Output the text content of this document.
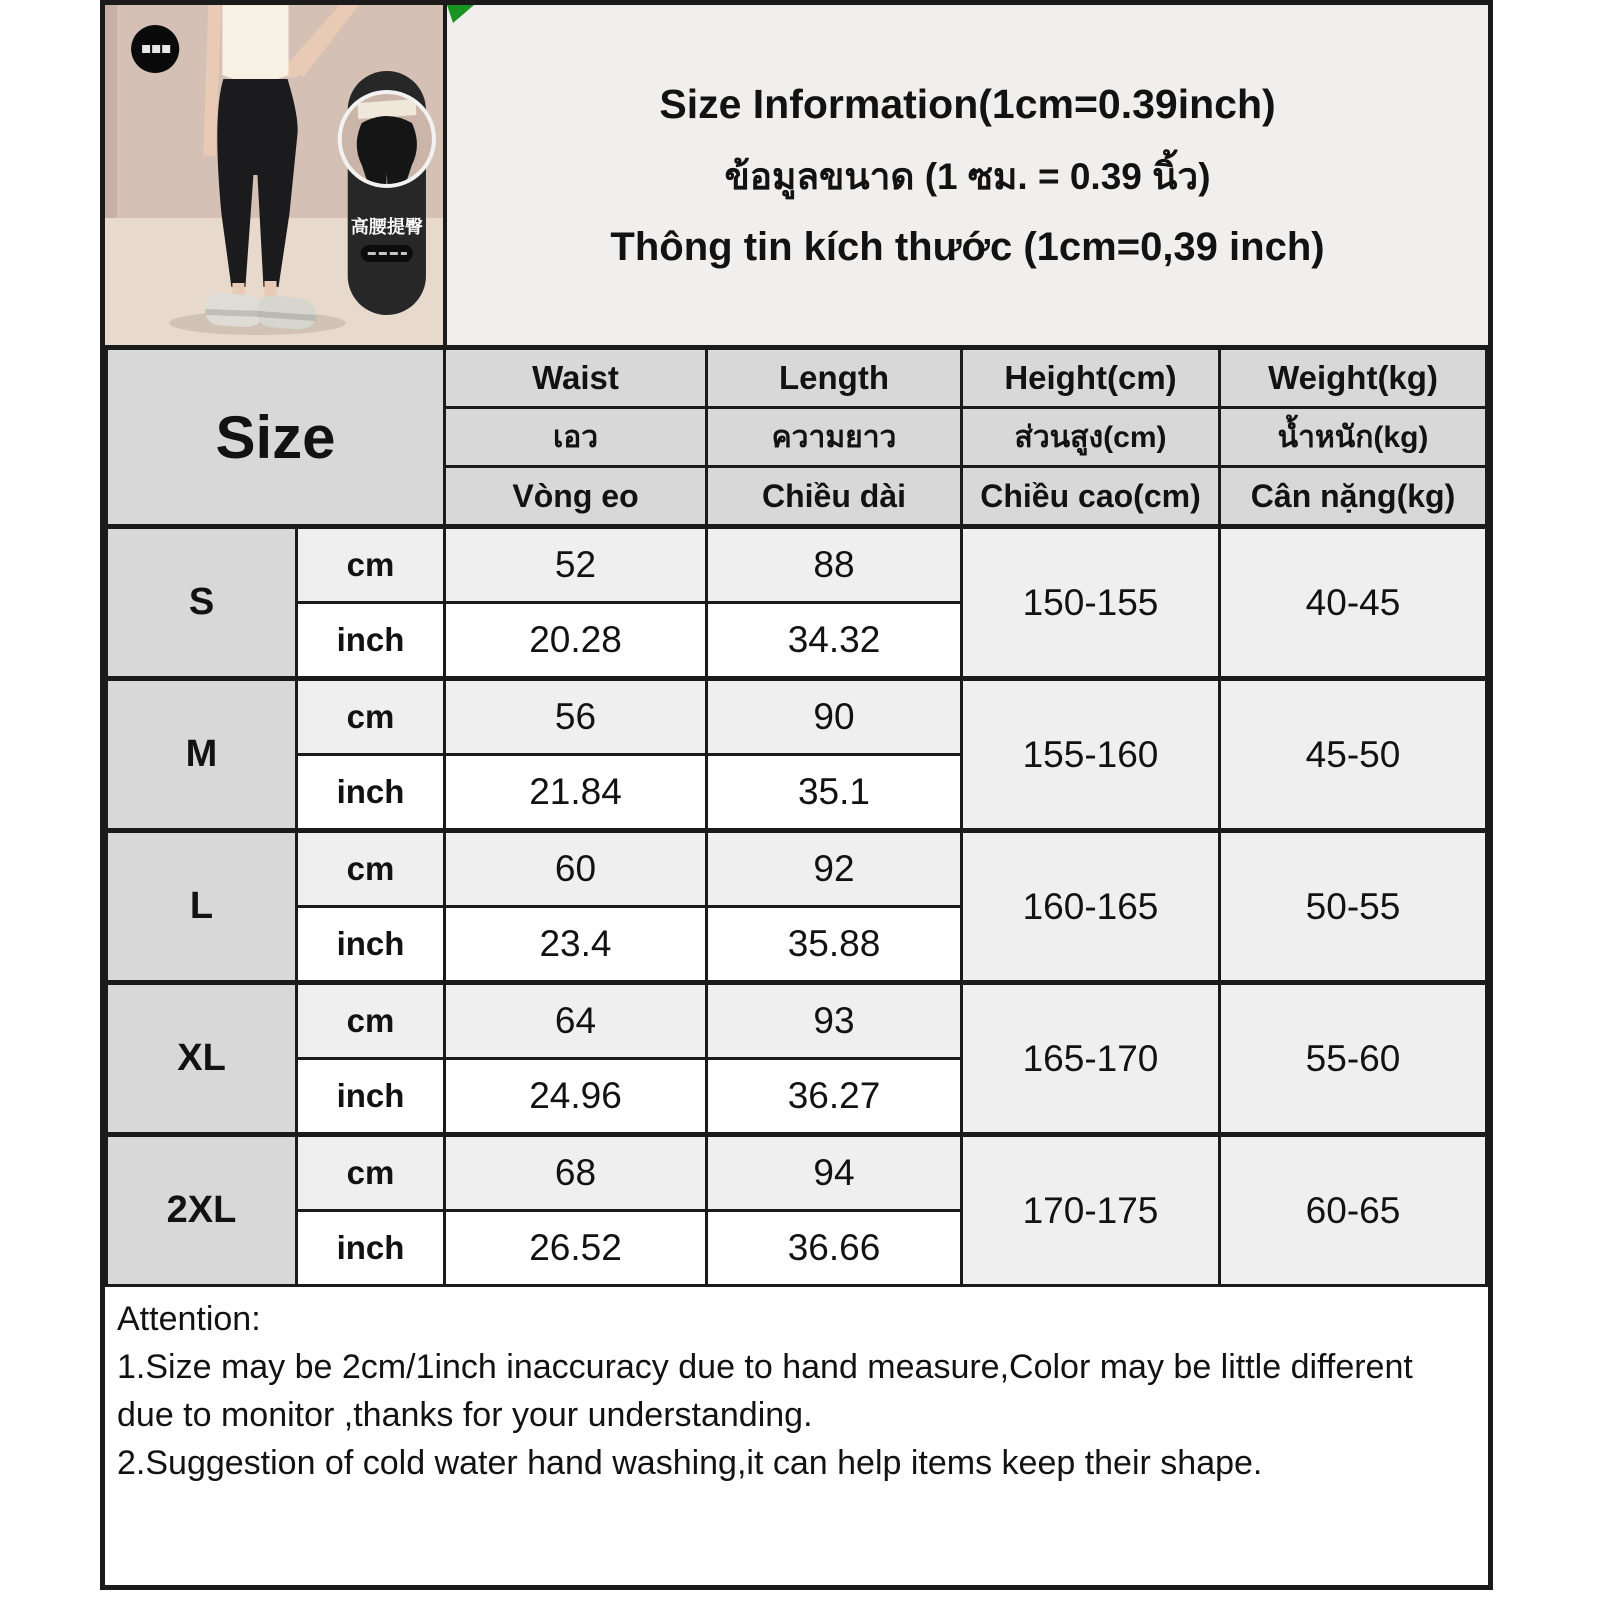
高腰提臀
Size Information(1cm=0.39inch)
ข้อมูลขนาด (1 ซม. = 0.39 นิ้ว)
Thông tin kích thước (1cm=0,39 inch)
Size		Waist	Length	Height(cm)	Weight(kg)
		เอว	ความยาว	ส่วนสูง(cm)	น้ำหนัก(kg)
		Vòng eo	Chiều dài	Chiều cao(cm)	Cân nặng(kg)
S	cm	52	88	150-155	40-45
	inch	20.28	34.32		
M	cm	56	90	155-160	45-50
	inch	21.84	35.1		
L	cm	60	92	160-165	50-55
	inch	23.4	35.88		
XL	cm	64	93	165-170	55-60
	inch	24.96	36.27		
2XL	cm	68	94	170-175	60-65
	inch	26.52	36.66		
Attention:
1.Size may be 2cm/1inch inaccuracy due to hand measure,Color may be little different due to monitor ,thanks for your understanding.
2.Suggestion of cold water hand washing,it can help items keep their shape.
